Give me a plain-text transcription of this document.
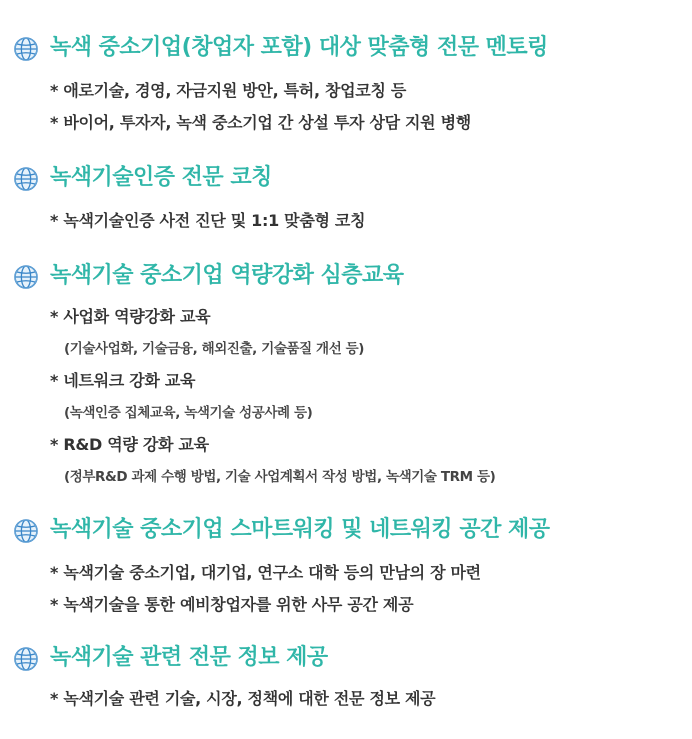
녹색 중소기업(창업자 포함) 대상 맞춤형 전문 멘토링
* 애로기술, 경영, 자금지원 방안, 특허, 창업코칭 등
* 바이어, 투자자, 녹색 중소기업 간 상설 투자 상담 지원 병행
녹색기술인증 전문 코칭
* 녹색기술인증 사전 진단 및 1:1 맞춤형 코칭
녹색기술 중소기업 역량강화 심층교육
* 사업화 역량강화 교육
(기술사업화, 기술금융, 해외진출, 기술품질 개선 등)
* 네트워크 강화 교육
(녹색인증 집체교육, 녹색기술 성공사례 등)
* R&D 역량 강화 교육
(정부R&D 과제 수행 방법, 기술 사업계획서 작성 방법, 녹색기술 TRM 등)
녹색기술 중소기업 스마트워킹 및 네트워킹 공간 제공
* 녹색기술 중소기업, 대기업, 연구소 대학 등의 만남의 장 마련
* 녹색기술을 통한 예비창업자를 위한 사무 공간 제공
녹색기술 관련 전문 정보 제공
* 녹색기술 관련 기술, 시장, 정책에 대한 전문 정보 제공
